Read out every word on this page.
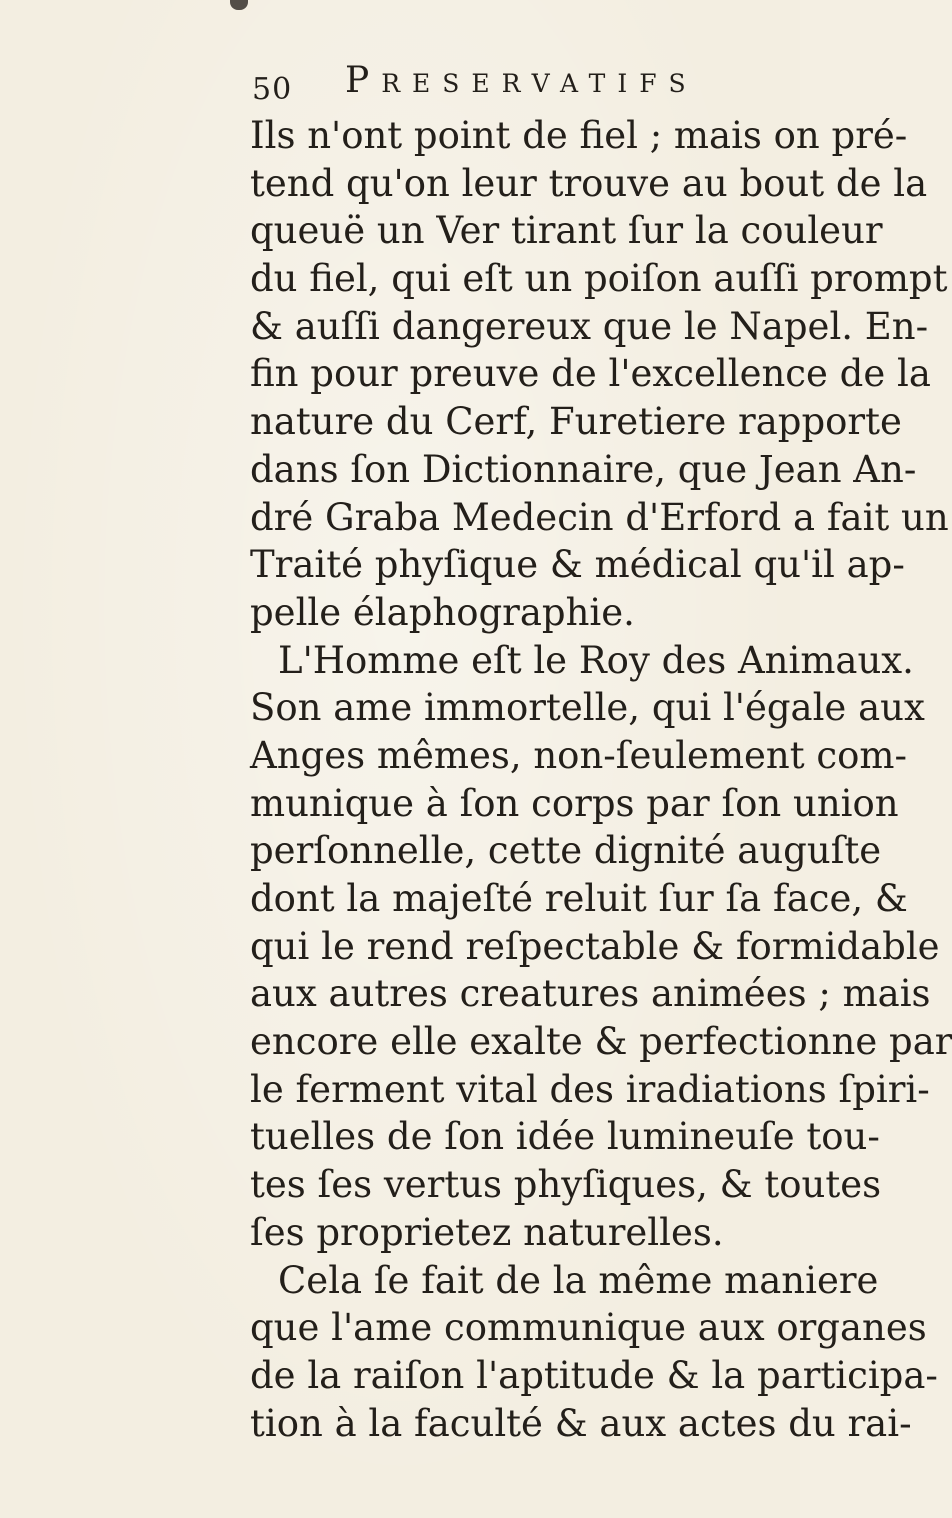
50 Preservatifs
Ils n'ont point de fiel ; mais on pré-
tend qu'on leur trouve au bout de la
queuë un Ver tirant ſur la couleur
du fiel, qui eſt un poiſon auſſi prompt
& auſſi dangereux que le Napel. En-
fin pour preuve de l'excellence de la
nature du Cerf, Furetiere rapporte
dans ſon Dictionnaire, que Jean An-
dré Graba Medecin d'Erford a fait un
Traité phyſique & médical qu'il ap-
pelle élaphographie.
L'Homme eſt le Roy des Animaux.
Son ame immortelle, qui l'égale aux
Anges mêmes, non-ſeulement com-
munique à ſon corps par ſon union
perſonnelle, cette dignité auguſte
dont la majeſté reluit ſur ſa face, &
qui le rend reſpectable & formidable
aux autres creatures animées ; mais
encore elle exalte & perfectionne par
le ferment vital des iradiations ſpiri-
tuelles de ſon idée lumineuſe tou-
tes ſes vertus phyſiques, & toutes
ſes proprietez naturelles.
Cela ſe fait de la même maniere
que l'ame communique aux organes
de la raiſon l'aptitude & la participa-
tion à la faculté & aux actes du rai-
